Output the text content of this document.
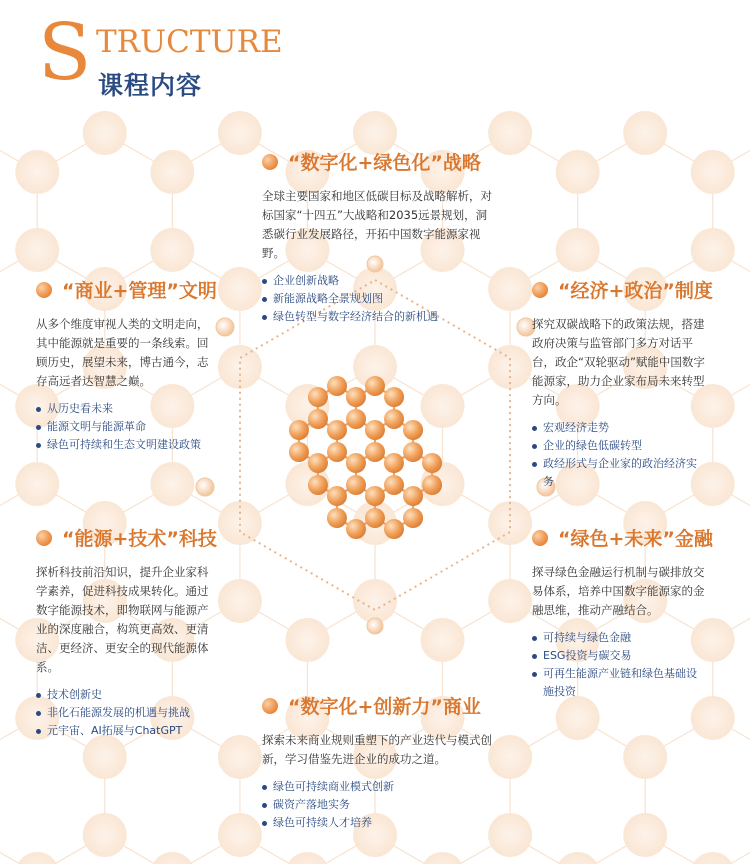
S TRUCTURE
课程内容
“数字化+绿色化”战略

全球主要国家和地区低碳目标及战略解析，对标国家“十四五”大战略和2035远景规划，洞悉碳行业发展路径，开拓中国数字能源家视野。

企业创新战略
新能源战略全景规划图
绿色转型与数字经济结合的新机遇
“商业+管理”文明

从多个维度审视人类的文明走向，其中能源就是重要的一条线索。回顾历史，展望未来，博古通今，志存高远者达智慧之巅。

从历史看未来
能源文明与能源革命
绿色可持续和生态文明建设政策
“经济+政治”制度

探究双碳战略下的政策法规，搭建政府决策与监管部门多方对话平台，政企“双轮驱动”赋能中国数字能源家，助力企业家布局未来转型方向。

宏观经济走势
企业的绿色低碳转型
政经形式与企业家的政治经济实务
“能源+技术”科技

探析科技前沿知识，提升企业家科学素养，促进科技成果转化。通过数字能源技术，即物联网与能源产业的深度融合，构筑更高效、更清洁、更经济、更安全的现代能源体系。

技术创新史
非化石能源发展的机遇与挑战
元宇宙、AI拓展与ChatGPT
“绿色+未来”金融

探寻绿色金融运行机制与碳排放交易体系，培养中国数字能源家的金融思维，推动产融结合。

可持续与绿色金融
ESG投资与碳交易
可再生能源产业链和绿色基础设施投资
“数字化+创新力”商业

探索未来商业规则重塑下的产业迭代与模式创新，学习借鉴先进企业的成功之道。

绿色可持续商业模式创新
碳资产落地实务
绿色可持续人才培养
